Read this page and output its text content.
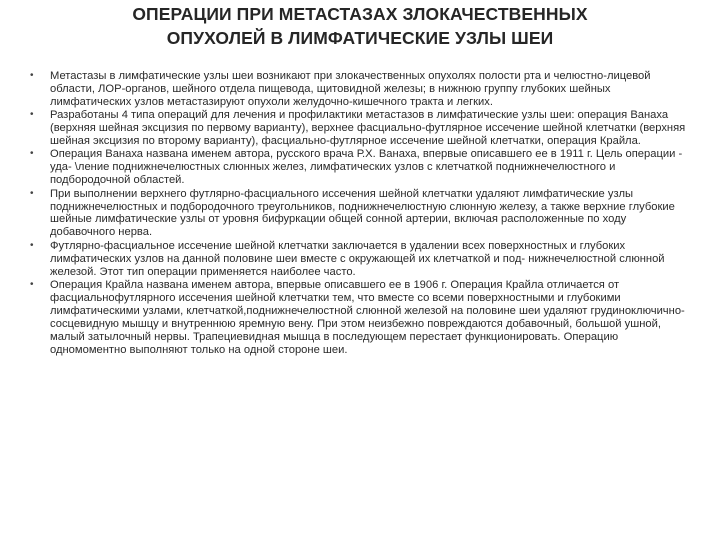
ОПЕРАЦИИ ПРИ МЕТАСТАЗАХ ЗЛОКАЧЕСТВЕННЫХ
ОПУХОЛЕЙ В ЛИМФАТИЧЕСКИЕ УЗЛЫ ШЕИ
•	Метастазы в лимфатические узлы шеи возникают при злокачественных опухолях полости рта и челюстно-лицевой области, ЛОР-органов, шейного отдела пищевода, щитовидной железы; в нижнюю группу глубоких шейных лимфатических узлов метастазируют опухоли желудочно-кишечного тракта и легких.
•	Разработаны 4 типа операций для лечения и профилактики метастазов в лимфатические узлы шеи: операция Ванаха (верхняя шейная эксцизия по первому варианту), верхнее фасциально-футлярное иссечение шейной клетчатки (верхняя шейная эксцизия по второму варианту), фасциально-футлярное иссечение шейной клетчатки, операция Крайла.
•	Операция Ванаха названа именем автора, русского врача Р.Х. Ванаха, впервые описавшего ее в 1911 г. Цель операции - уда- \ление поднижнечелюстных слюнных желез, лимфатических узлов с клетчаткой поднижнечелюстного и подбородочной областей.
•	При выполнении верхнего футлярно-фасциального иссечения шейной клетчатки удаляют лимфатические узлы поднижнечелюстных и подбородочного треугольников, поднижнечелюстную слюнную железу, а также верхние глубокие шейные лимфатические узлы от уровня бифуркации общей сонной артерии, включая расположенные по ходу добавочного нерва.
•	Футлярно-фасциальное иссечение шейной клетчатки заключается в удалении всех поверхностных и глубоких лимфатических узлов на данной половине шеи вместе с окружающей их клетчаткой и под- нижнечелюстной слюнной железой. Этот тип операции применяется наиболее часто.
•	Операция Крайла названа именем автора, впервые описавшего ее в 1906 г. Операция Крайла отличается от фасциальнофутлярного иссечения шейной клетчатки тем, что вместе со всеми поверхностными и глубокими лимфатическими узлами, клетчаткой,поднижнечелюстной слюнной железой на половине шеи удаляют грудиноключично-сосцевидную мышцу и внутреннюю яремную вену. При этом неизбежно повреждаются добавочный, большой ушной, малый затылочный нервы. Трапециевидная мышца в последующем перестает функционировать. Операцию одномоментно выполняют только на одной стороне шеи.
